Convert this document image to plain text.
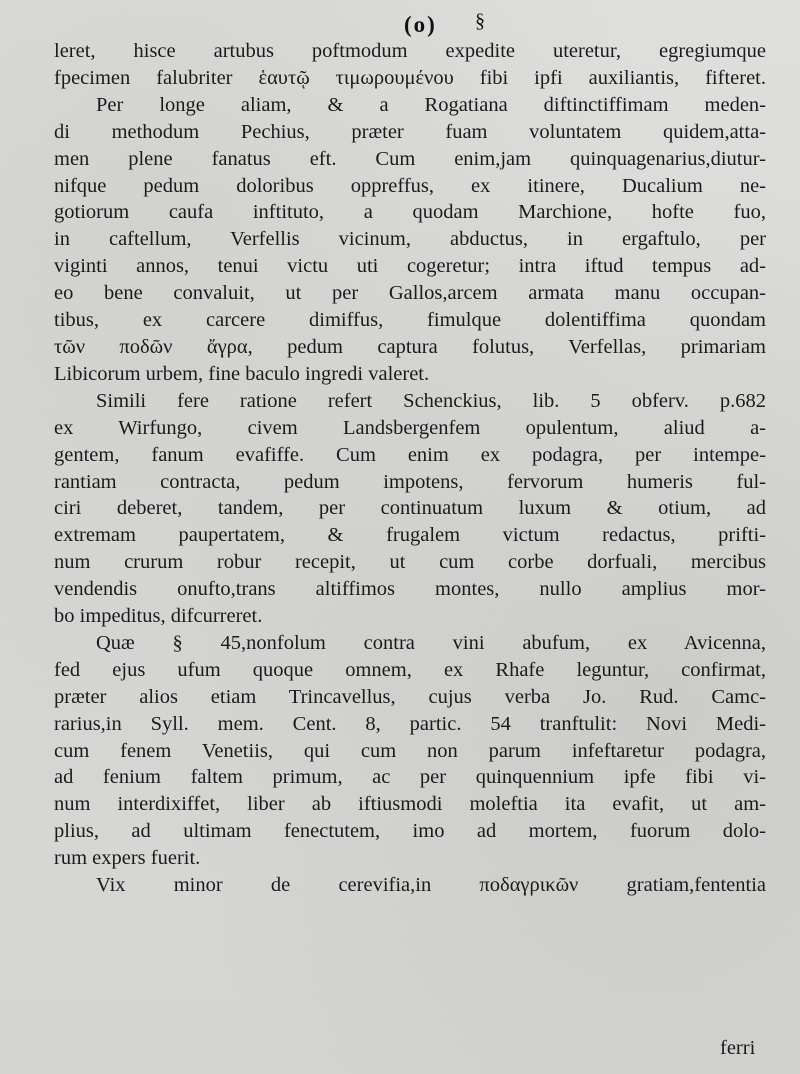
(o) §
leret, hisce artubus poftmodum expedite uteretur, egregiumque
fpecimen falubriter ἑαυτῷ τιμωρουμένου fibi ipfi auxiliantis, fifteret.
Per longe aliam, & a Rogatiana diftinctiffimam meden-
di methodum Pechius, præter fuam voluntatem quidem,atta-
men plene fanatus eft. Cum enim,jam quinquagenarius,diutur-
nifque pedum doloribus oppreffus, ex itinere, Ducalium ne-
gotiorum caufa inftituto, a quodam Marchione, hofte fuo,
in caftellum, Verfellis vicinum, abductus, in ergaftulo, per
viginti annos, tenui victu uti cogeretur; intra iftud tempus ad-
eo bene convaluit, ut per Gallos,arcem armata manu occupan-
tibus, ex carcere dimiffus, fimulque dolentiffima quondam
τῶν ποδῶν ἄγρα, pedum captura folutus, Verfellas, primariam
Libicorum urbem, fine baculo ingredi valeret.
Simili fere ratione refert Schenckius, lib. 5 obferv. p.682
ex Wirfungo, civem Landsbergenfem opulentum, aliud a-
gentem, fanum evafiffe. Cum enim ex podagra, per intempe-
rantiam contracta, pedum impotens, fervorum humeris ful-
ciri deberet, tandem, per continuatum luxum & otium, ad
extremam paupertatem, & frugalem victum redactus, prifti-
num crurum robur recepit, ut cum corbe dorfuali, mercibus
vendendis onufto,trans altiffimos montes, nullo amplius mor-
bo impeditus, difcurreret.
Quæ § 45,nonfolum contra vini abufum, ex Avicenna,
fed ejus ufum quoque omnem, ex Rhafe leguntur, confirmat,
præter alios etiam Trincavellus, cujus verba Jo. Rud. Camc-
rarius,in Syll. mem. Cent. 8, partic. 54 tranftulit: Novi Medi-
cum fenem Venetiis, qui cum non parum infeftaretur podagra,
ad fenium faltem primum, ac per quinquennium ipfe fibi vi-
num interdixiffet, liber ab iftiusmodi moleftia ita evafit, ut am-
plius, ad ultimam fenectutem, imo ad mortem, fuorum dolo-
rum expers fuerit.
Vix minor de cerevifia,in ποδαγρικῶν gratiam,fententia
ferri
